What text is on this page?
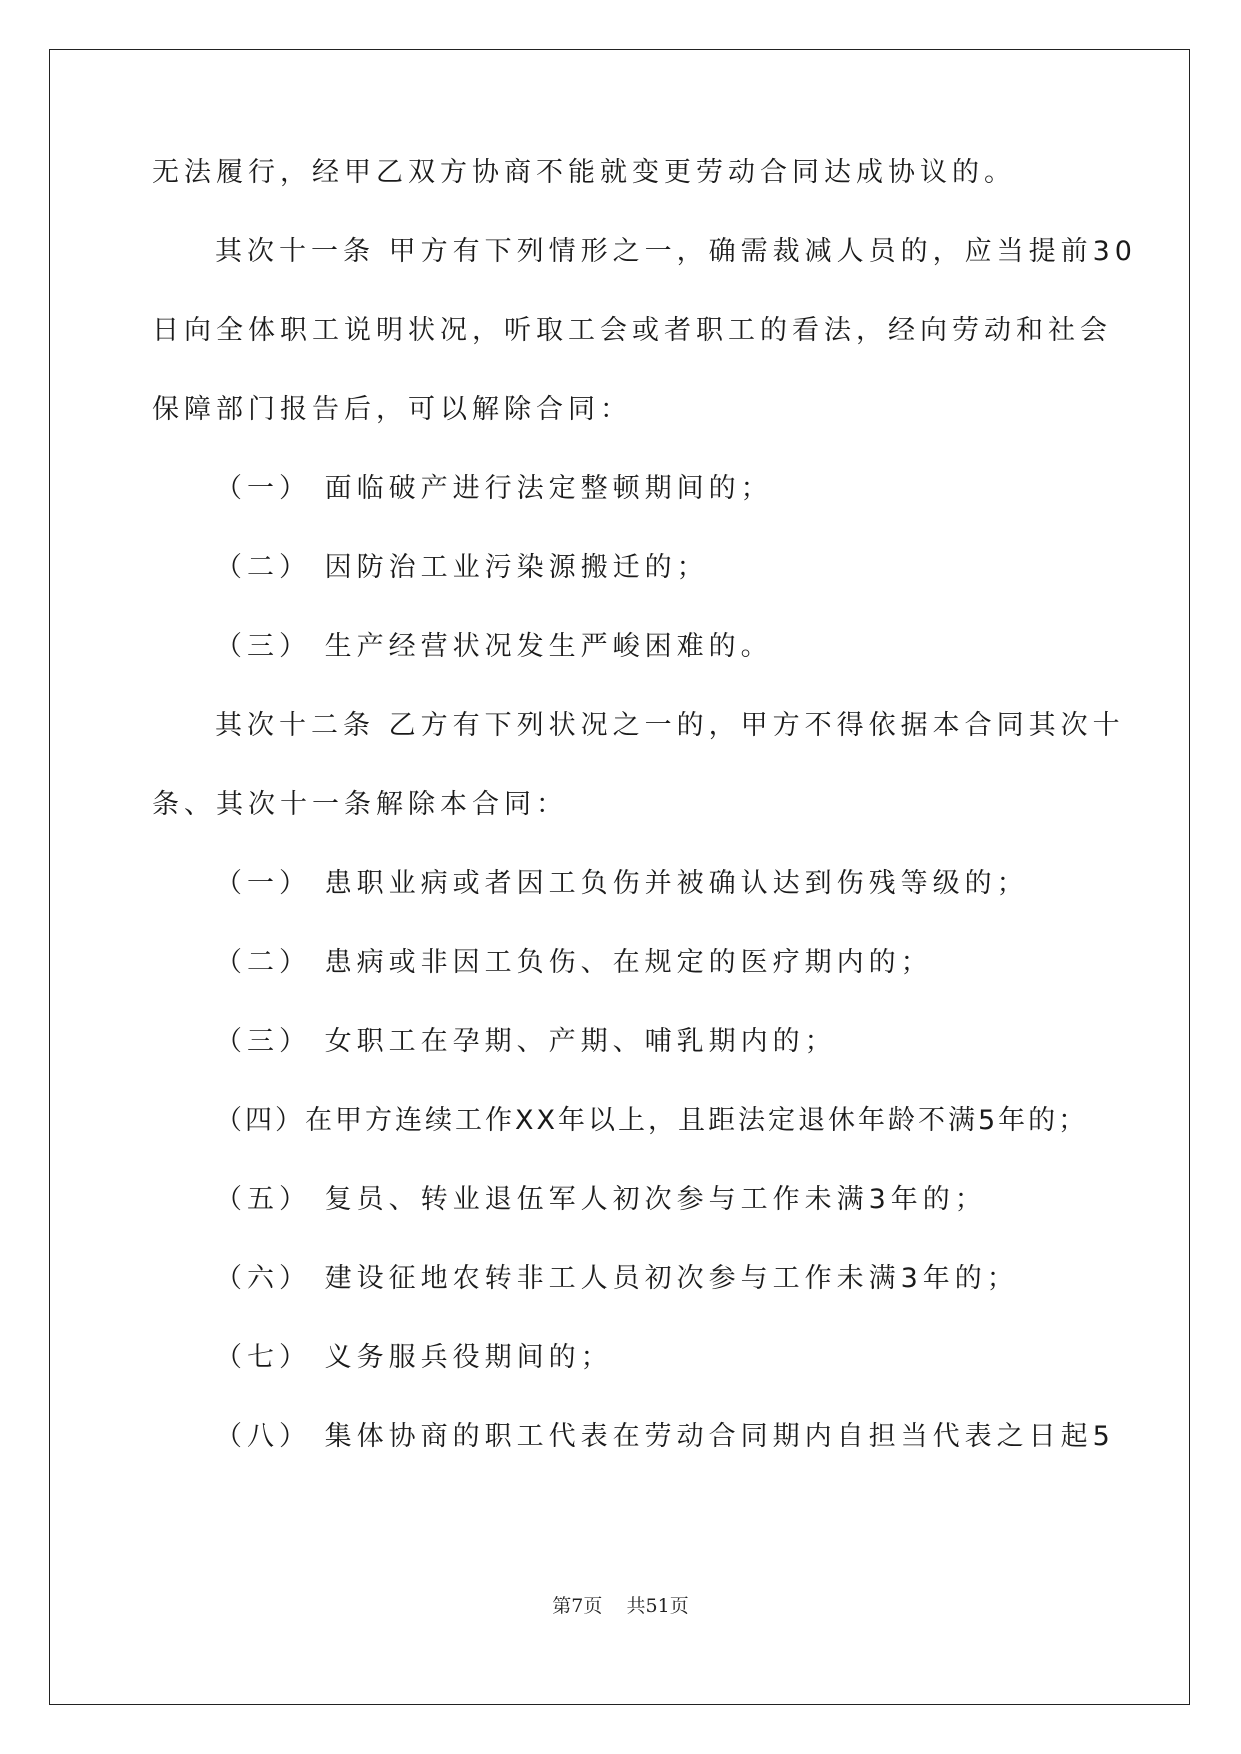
无法履行，经甲乙双方协商不能就变更劳动合同达成协议的。
其次十一条 甲方有下列情形之一，确需裁减人员的，应当提前30
日向全体职工说明状况，听取工会或者职工的看法，经向劳动和社会
保障部门报告后，可以解除合同：
（一） 面临破产进行法定整顿期间的；
（二） 因防治工业污染源搬迁的；
（三） 生产经营状况发生严峻困难的。
其次十二条 乙方有下列状况之一的，甲方不得依据本合同其次十
条、其次十一条解除本合同：
（一） 患职业病或者因工负伤并被确认达到伤残等级的；
（二） 患病或非因工负伤、在规定的医疗期内的；
（三） 女职工在孕期、产期、哺乳期内的；
（四）在甲方连续工作XX年以上，且距法定退休年龄不满5年的；
（五） 复员、转业退伍军人初次参与工作未满3年的；
（六） 建设征地农转非工人员初次参与工作未满3年的；
（七） 义务服兵役期间的；
（八） 集体协商的职工代表在劳动合同期内自担当代表之日起5
第7页 共51页
